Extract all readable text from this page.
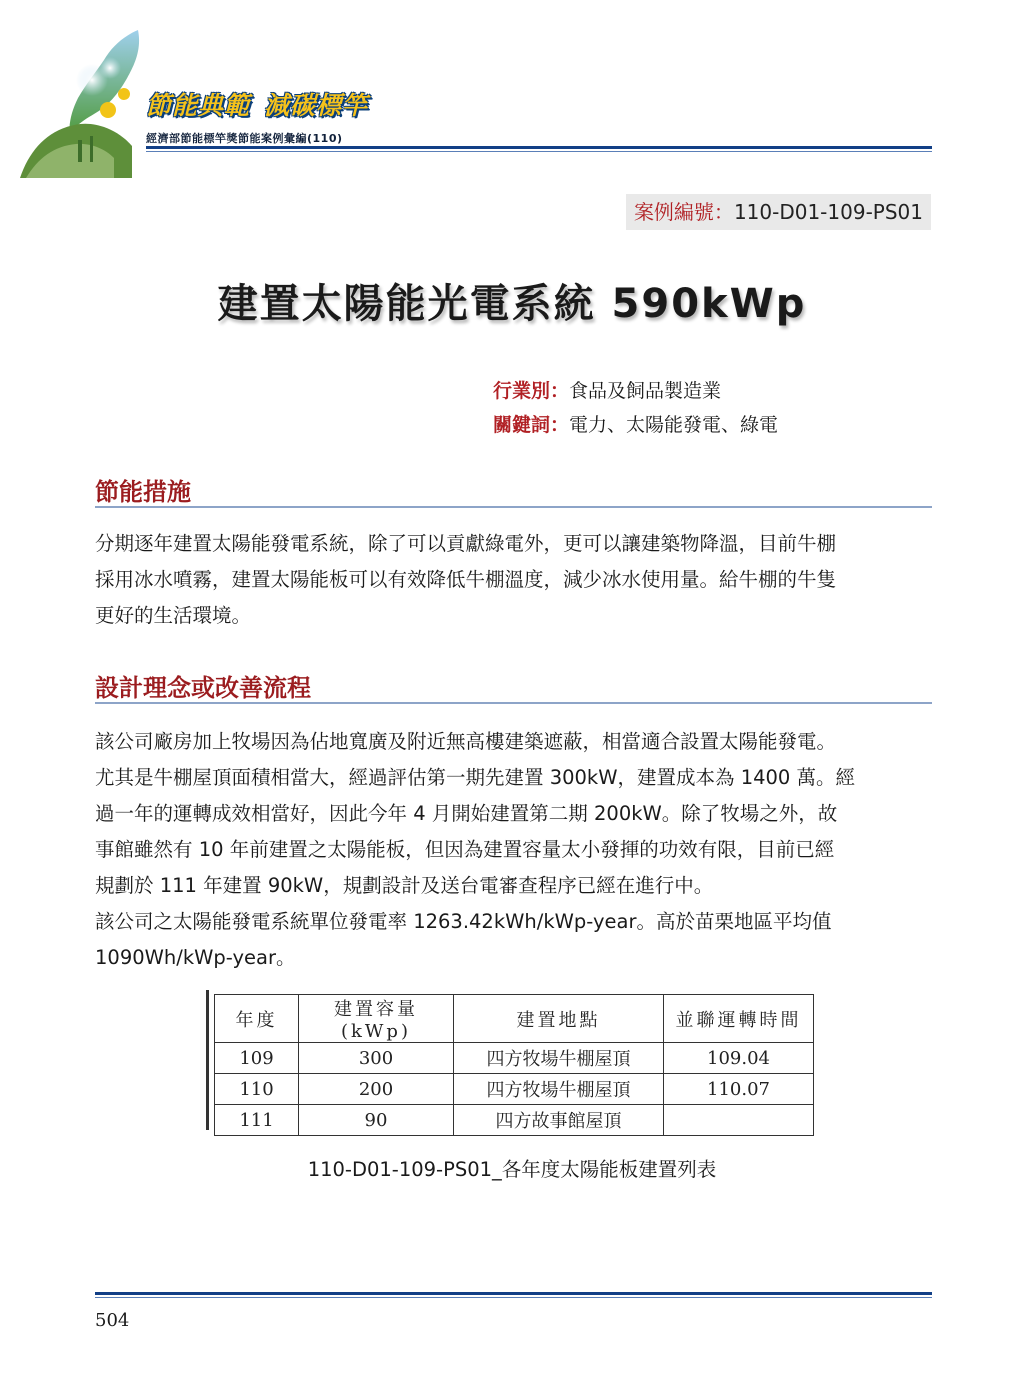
節能典範 減碳標竿
經濟部節能標竿獎節能案例彙編(110)
案例編號：110-D01-109-PS01
建置太陽能光電系統 590kWp
行業別：食品及飼品製造業
關鍵詞：電力、太陽能發電、綠電
節能措施
分期逐年建置太陽能發電系統，除了可以貢獻綠電外，更可以讓建築物降溫，目前牛棚
採用冰水噴霧，建置太陽能板可以有效降低牛棚溫度，減少冰水使用量。給牛棚的牛隻
更好的生活環境。
設計理念或改善流程
該公司廠房加上牧場因為佔地寬廣及附近無高樓建築遮蔽，相當適合設置太陽能發電。
尤其是牛棚屋頂面積相當大，經過評估第一期先建置 300kW，建置成本為 1400 萬。經
過一年的運轉成效相當好，因此今年 4 月開始建置第二期 200kW。除了牧場之外，故
事館雖然有 10 年前建置之太陽能板，但因為建置容量太小發揮的功效有限，目前已經
規劃於 111 年建置 90kW，規劃設計及送台電審查程序已經在進行中。
該公司之太陽能發電系統單位發電率 1263.42kWh/kWp-year。高於苗栗地區平均值
1090Wh/kWp-year。
年度	建置容量(kWp)	建置地點	並聯運轉時間
109	300	四方牧場牛棚屋頂	109.04
110	200	四方牧場牛棚屋頂	110.07
111	90	四方故事館屋頂	
110-D01-109-PS01_各年度太陽能板建置列表
504
